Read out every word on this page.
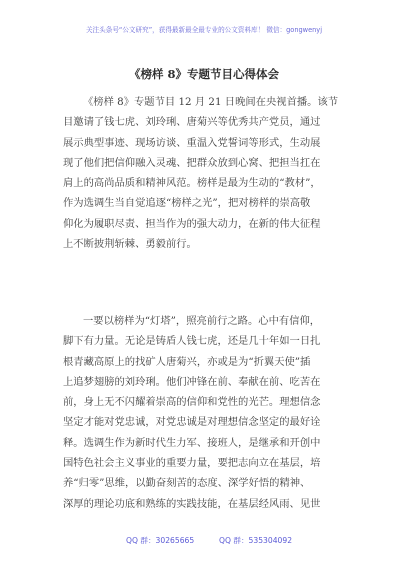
关注头条号“公文研究”，获得最新最全最专业的公文资料库！ 微信：gongwenyj
《榜样 8》专题节目心得体会
《榜样 8》专题节目 12 月 21 日晚间在央视首播。该节
目邀请了钱七虎、刘玲琍、唐菊兴等优秀共产党员，通过
展示典型事迹、现场访谈、重温入党誓词等形式，生动展
现了他们把信仰融入灵魂、把群众放到心窝、把担当扛在
肩上的高尚品质和精神风范。榜样是最为生动的“教材”，
作为选调生当自觉追逐“榜样之光”，把对榜样的崇高敬
仰化为履职尽责、担当作为的强大动力，在新的伟大征程
上不断披荆斩棘、勇毅前行。
一要以榜样为“灯塔”，照亮前行之路。心中有信仰，
脚下有力量。无论是铸盾人钱七虎，还是几十年如一日扎
根青藏高原上的找矿人唐菊兴，亦或是为“折翼天使”插
上追梦翅膀的刘玲琍。他们冲锋在前、奉献在前、吃苦在
前，身上无不闪耀着崇高的信仰和党性的光芒。理想信念
坚定才能对党忠诚，对党忠诚是对理想信念坚定的最好诠
释。选调生作为新时代生力军、接班人，是继承和开创中
国特色社会主义事业的重要力量，要把志向立在基层，培
养“归零”思维，以勤奋刻苦的态度、深学好悟的精神、
深厚的理论功底和熟练的实践技能，在基层经风雨、见世
QQ 群：30265665	QQ 群：535304092
